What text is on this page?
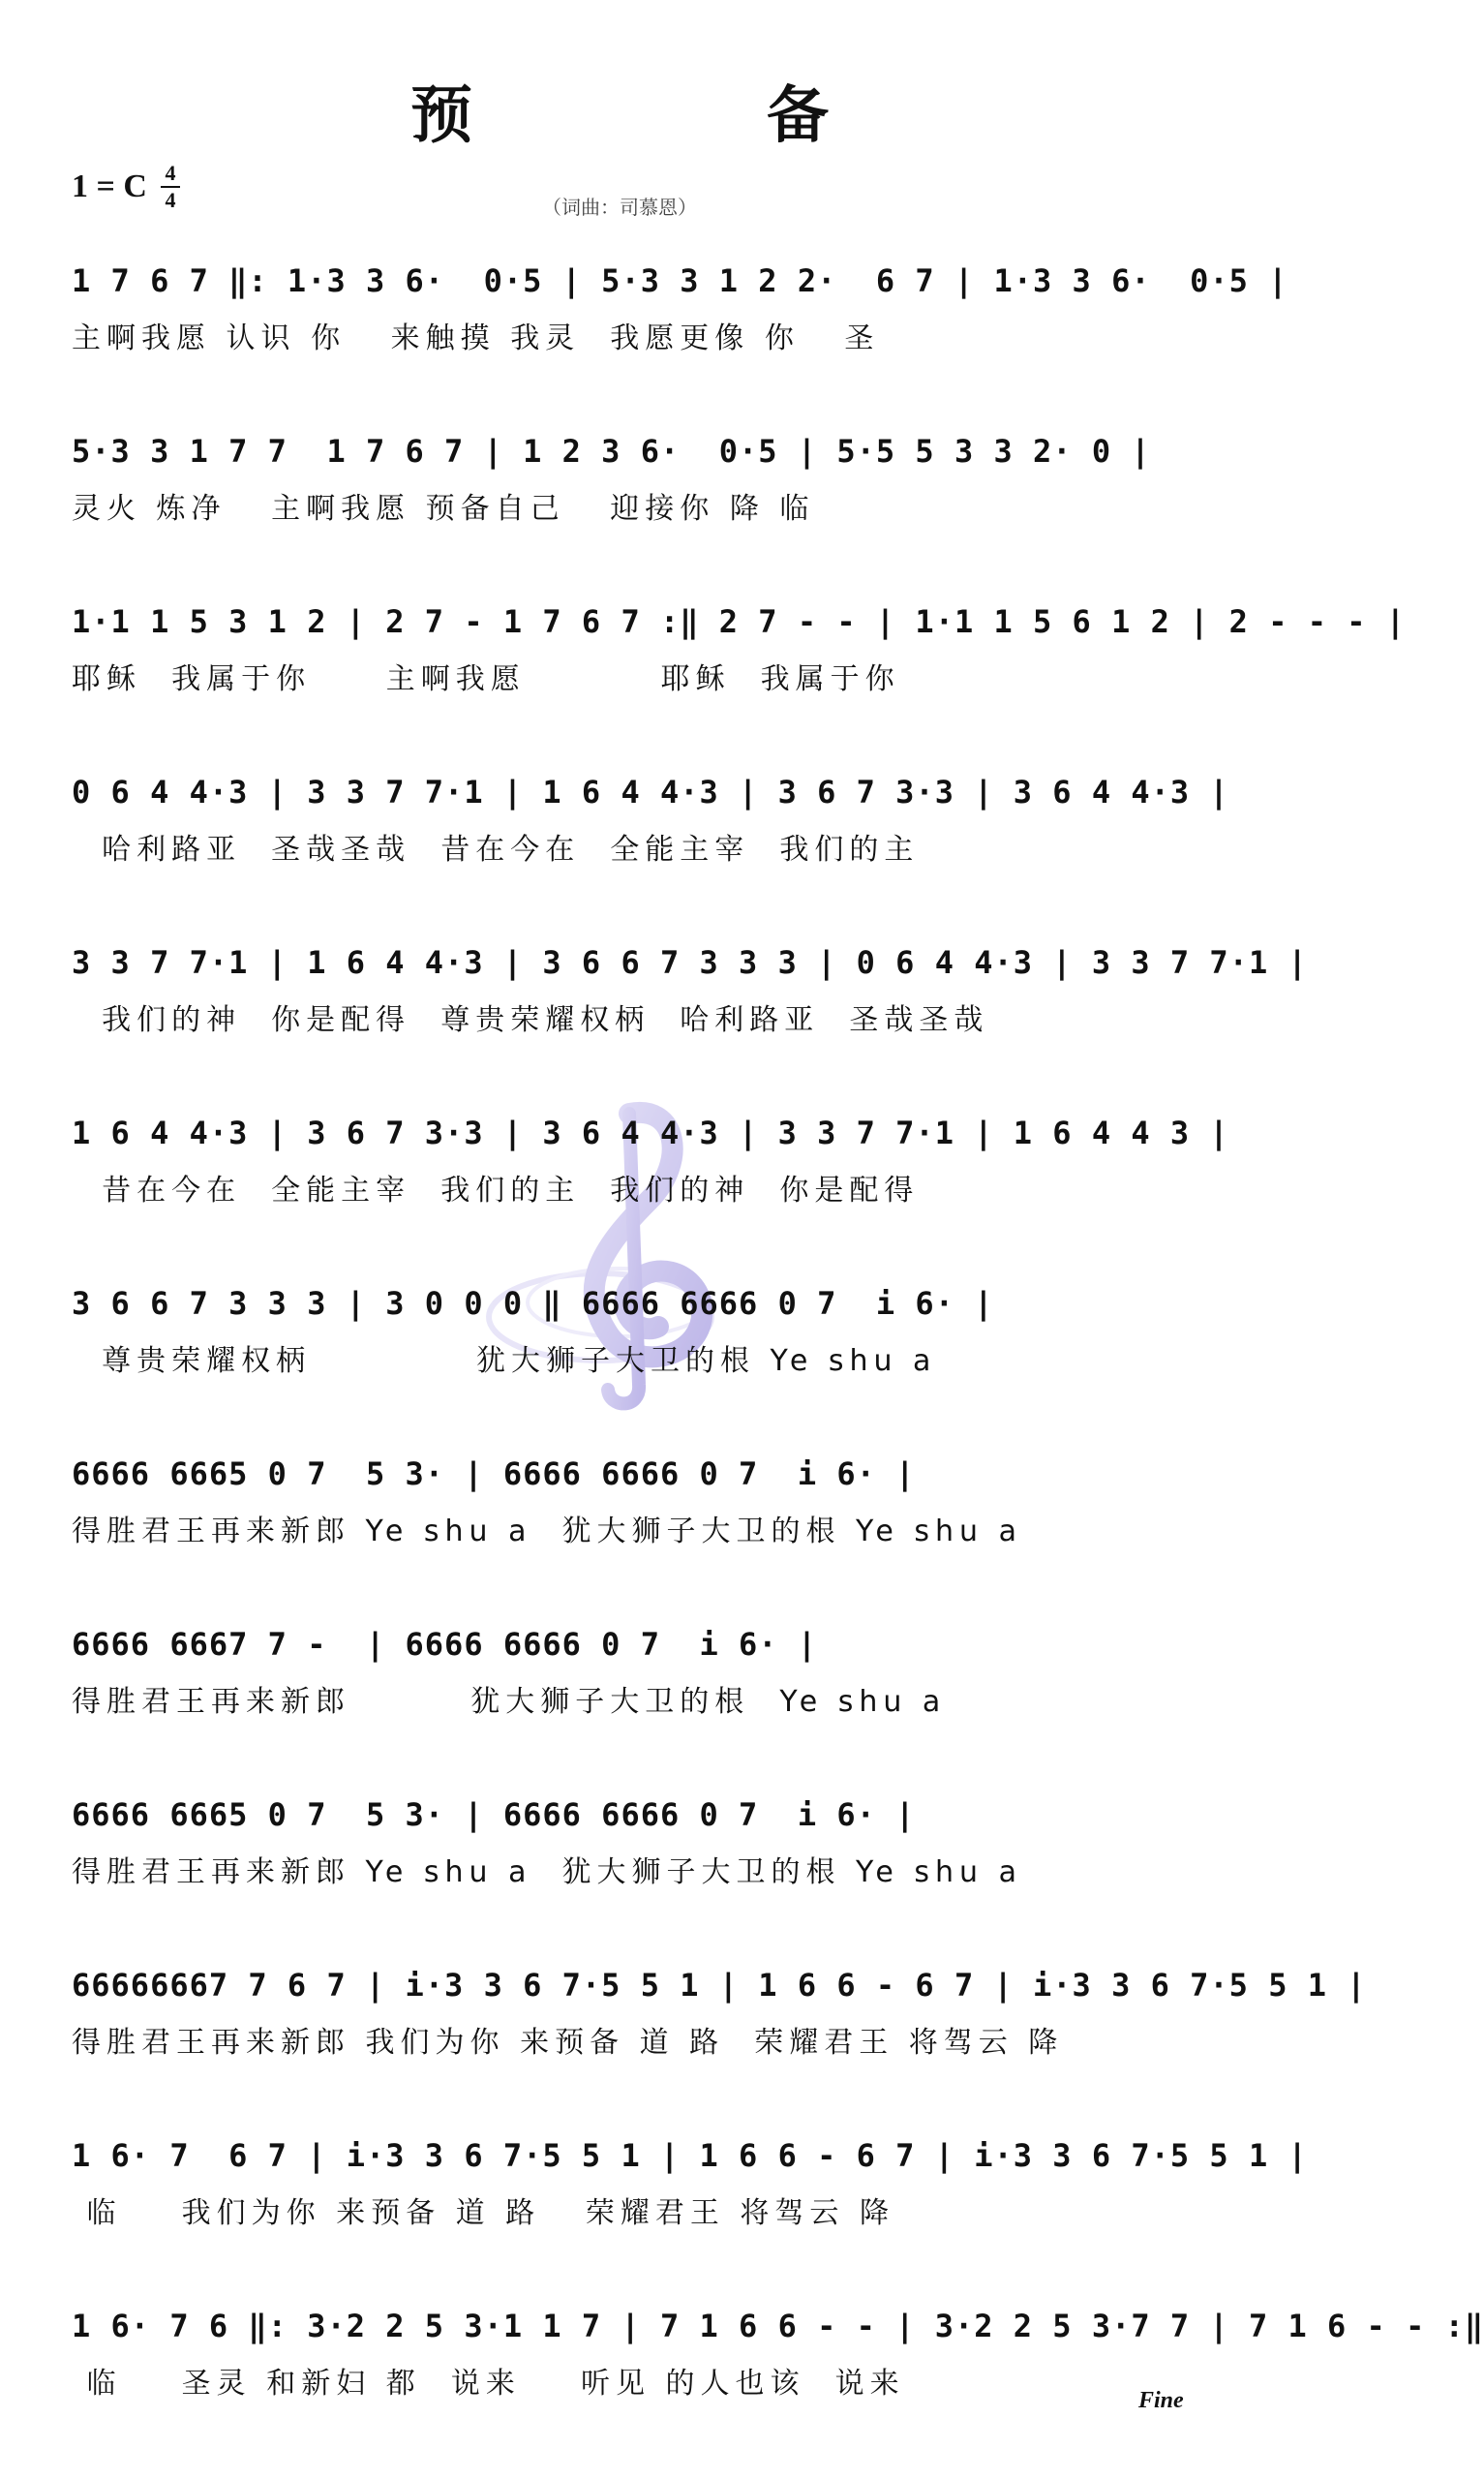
预　备
1 = C 4
4	（词曲：司慕恩）
1 7 6 7 ‖: 1·3 3 6·  0·5 | 5·3 3 1 2 2·  6 7 | 1·3 3 6·  0·5 |
主啊我愿 认识 你   来触摸 我灵  我愿更像 你   圣
5·3 3 1 7 7  1 7 6 7 | 1 2 3 6·  0·5 | 5·5 5 3 3 2· 0 |
灵火 炼净   主啊我愿 预备自己   迎接你 降 临
1·1 1 5 3 1 2 | 2 7 - 1 7 6 7 :‖ 2 7 - - | 1·1 1 5 6 1 2 | 2 - - - |
耶稣  我属于你     主啊我愿         耶稣  我属于你
0 6 4 4·3 | 3 3 7 7·1 | 1 6 4 4·3 | 3 6 7 3·3 | 3 6 4 4·3 |
哈利路亚  圣哉圣哉  昔在今在  全能主宰  我们的主
3 3 7 7·1 | 1 6 4 4·3 | 3 6 6 7 3 3 3 | 0 6 4 4·3 | 3 3 7 7·1 |
我们的神  你是配得  尊贵荣耀权柄  哈利路亚  圣哉圣哉
1 6 4 4·3 | 3 6 7 3·3 | 3 6 4 4·3 | 3 3 7 7·1 | 1 6 4 4 3 |
昔在今在  全能主宰  我们的主  我们的神  你是配得
3 6 6 7 3 3 3 | 3 0 0 0 ‖ 6666 6666 0 7  i 6· |
尊贵荣耀权柄           犹大狮子大卫的根 Ye shu a
6666 6665 0 7  5 3· | 6666 6666 0 7  i 6· |
得胜君王再来新郎 Ye shu a  犹大狮子大卫的根 Ye shu a
6666 6667 7 -  | 6666 6666 0 7  i 6· |
得胜君王再来新郎        犹大狮子大卫的根  Ye shu a
6666 6665 0 7  5 3· | 6666 6666 0 7  i 6· |
得胜君王再来新郎 Ye shu a  犹大狮子大卫的根 Ye shu a
66666667 7 6 7 | i·3 3 6 7·5 5 1 | 1 6 6 - 6 7 | i·3 3 6 7·5 5 1 |
得胜君王再来新郎 我们为你 来预备 道 路  荣耀君王 将驾云 降
1 6· 7  6 7 | i·3 3 6 7·5 5 1 | 1 6 6 - 6 7 | i·3 3 6 7·5 5 1 |
临    我们为你 来预备 道 路   荣耀君王 将驾云 降
1 6· 7 6 ‖: 3·2 2 5 3·1 1 7 | 7 1 6 6 - - | 3·2 2 5 3·7 7 | 7 1 6 - - :‖
临    圣灵 和新妇 都  说来    听见 的人也该  说来	Fine
